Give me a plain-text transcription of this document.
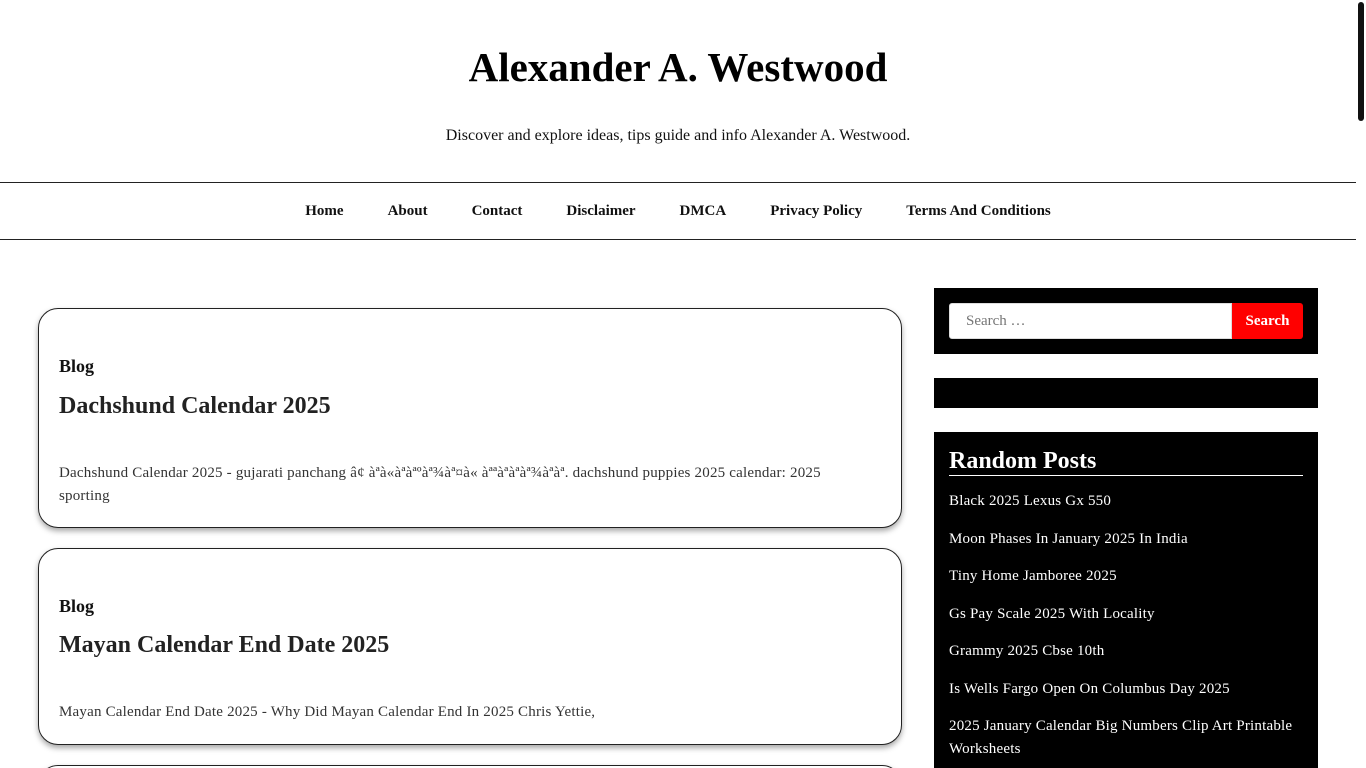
Alexander A. Westwood

Discover and explore ideas, tips guide and info Alexander A. Westwood.

Home	About	Contact	Disclaimer	DMCA	Privacy Policy	Terms And Conditions
Blog
Dachshund Calendar 2025

Dachshund Calendar 2025 - gujarati panchang â¢ àªà«àªàªºàª¾àª¤à« àªªàªàªàª¾àªàª. dachshund puppies 2025 calendar: 2025 sporting

Blog
Mayan Calendar End Date 2025

Mayan Calendar End Date 2025 - Why Did Mayan Calendar End In 2025 Chris Yettie,

Search …
Search
Random Posts
Black 2025 Lexus Gx 550
Moon Phases In January 2025 In India
Tiny Home Jamboree 2025
Gs Pay Scale 2025 With Locality
Grammy 2025 Cbse 10th
Is Wells Fargo Open On Columbus Day 2025
2025 January Calendar Big Numbers Clip Art Printable Worksheets
